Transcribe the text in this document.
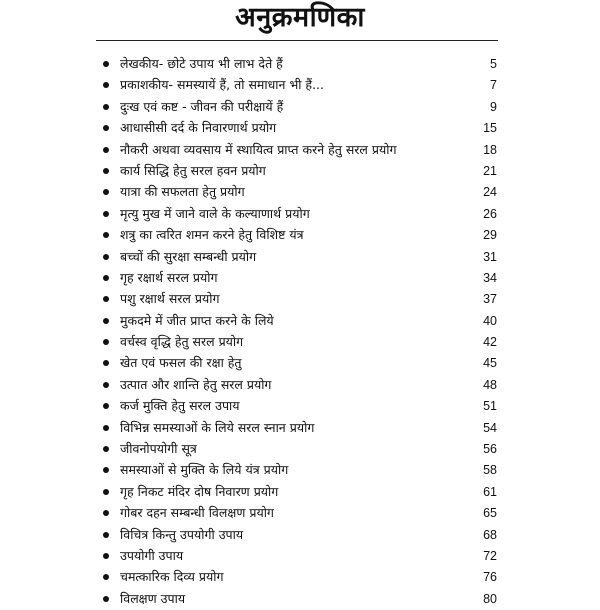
अनुक्रमणिका
लेखकीय- छोटे उपाय भी लाभ देते हैं	5
प्रकाशकीय- समस्यायें हैं, तो समाधान भी हैं...	7
दुःख एवं कष्ट - जीवन की परीक्षायें हैं	9
आधासीसी दर्द के निवारणार्थ प्रयोग	15
नौकरी अथवा व्यवसाय में स्थायित्व प्राप्त करने हेतु सरल प्रयोग	18
कार्य सिद्धि हेतु सरल हवन प्रयोग	21
यात्रा की सफलता हेतु प्रयोग	24
मृत्यु मुख में जाने वाले के कल्याणार्थ प्रयोग	26
शत्रु का त्वरित शमन करने हेतु विशिष्ट यंत्र	29
बच्चों की सुरक्षा सम्बन्धी प्रयोग	31
गृह रक्षार्थ सरल प्रयोग	34
पशु रक्षार्थ सरल प्रयोग	37
मुकदमे में जीत प्राप्त करने के लिये	40
वर्चस्व वृद्धि हेतु सरल प्रयोग	42
खेत एवं फसल की रक्षा हेतु	45
उत्पात और शान्ति हेतु सरल प्रयोग	48
कर्ज मुक्ति हेतु सरल उपाय	51
विभिन्न समस्याओं के लिये सरल स्नान प्रयोग	54
जीवनोपयोगी सूत्र	56
समस्याओं से मुक्ति के लिये यंत्र प्रयोग	58
गृह निकट मंदिर दोष निवारण प्रयोग	61
गोबर दहन सम्बन्धी विलक्षण प्रयोग	65
विचित्र किन्तु उपयोगी उपाय	68
उपयोगी उपाय	72
चमत्कारिक दिव्य प्रयोग	76
विलक्षण उपाय	80
